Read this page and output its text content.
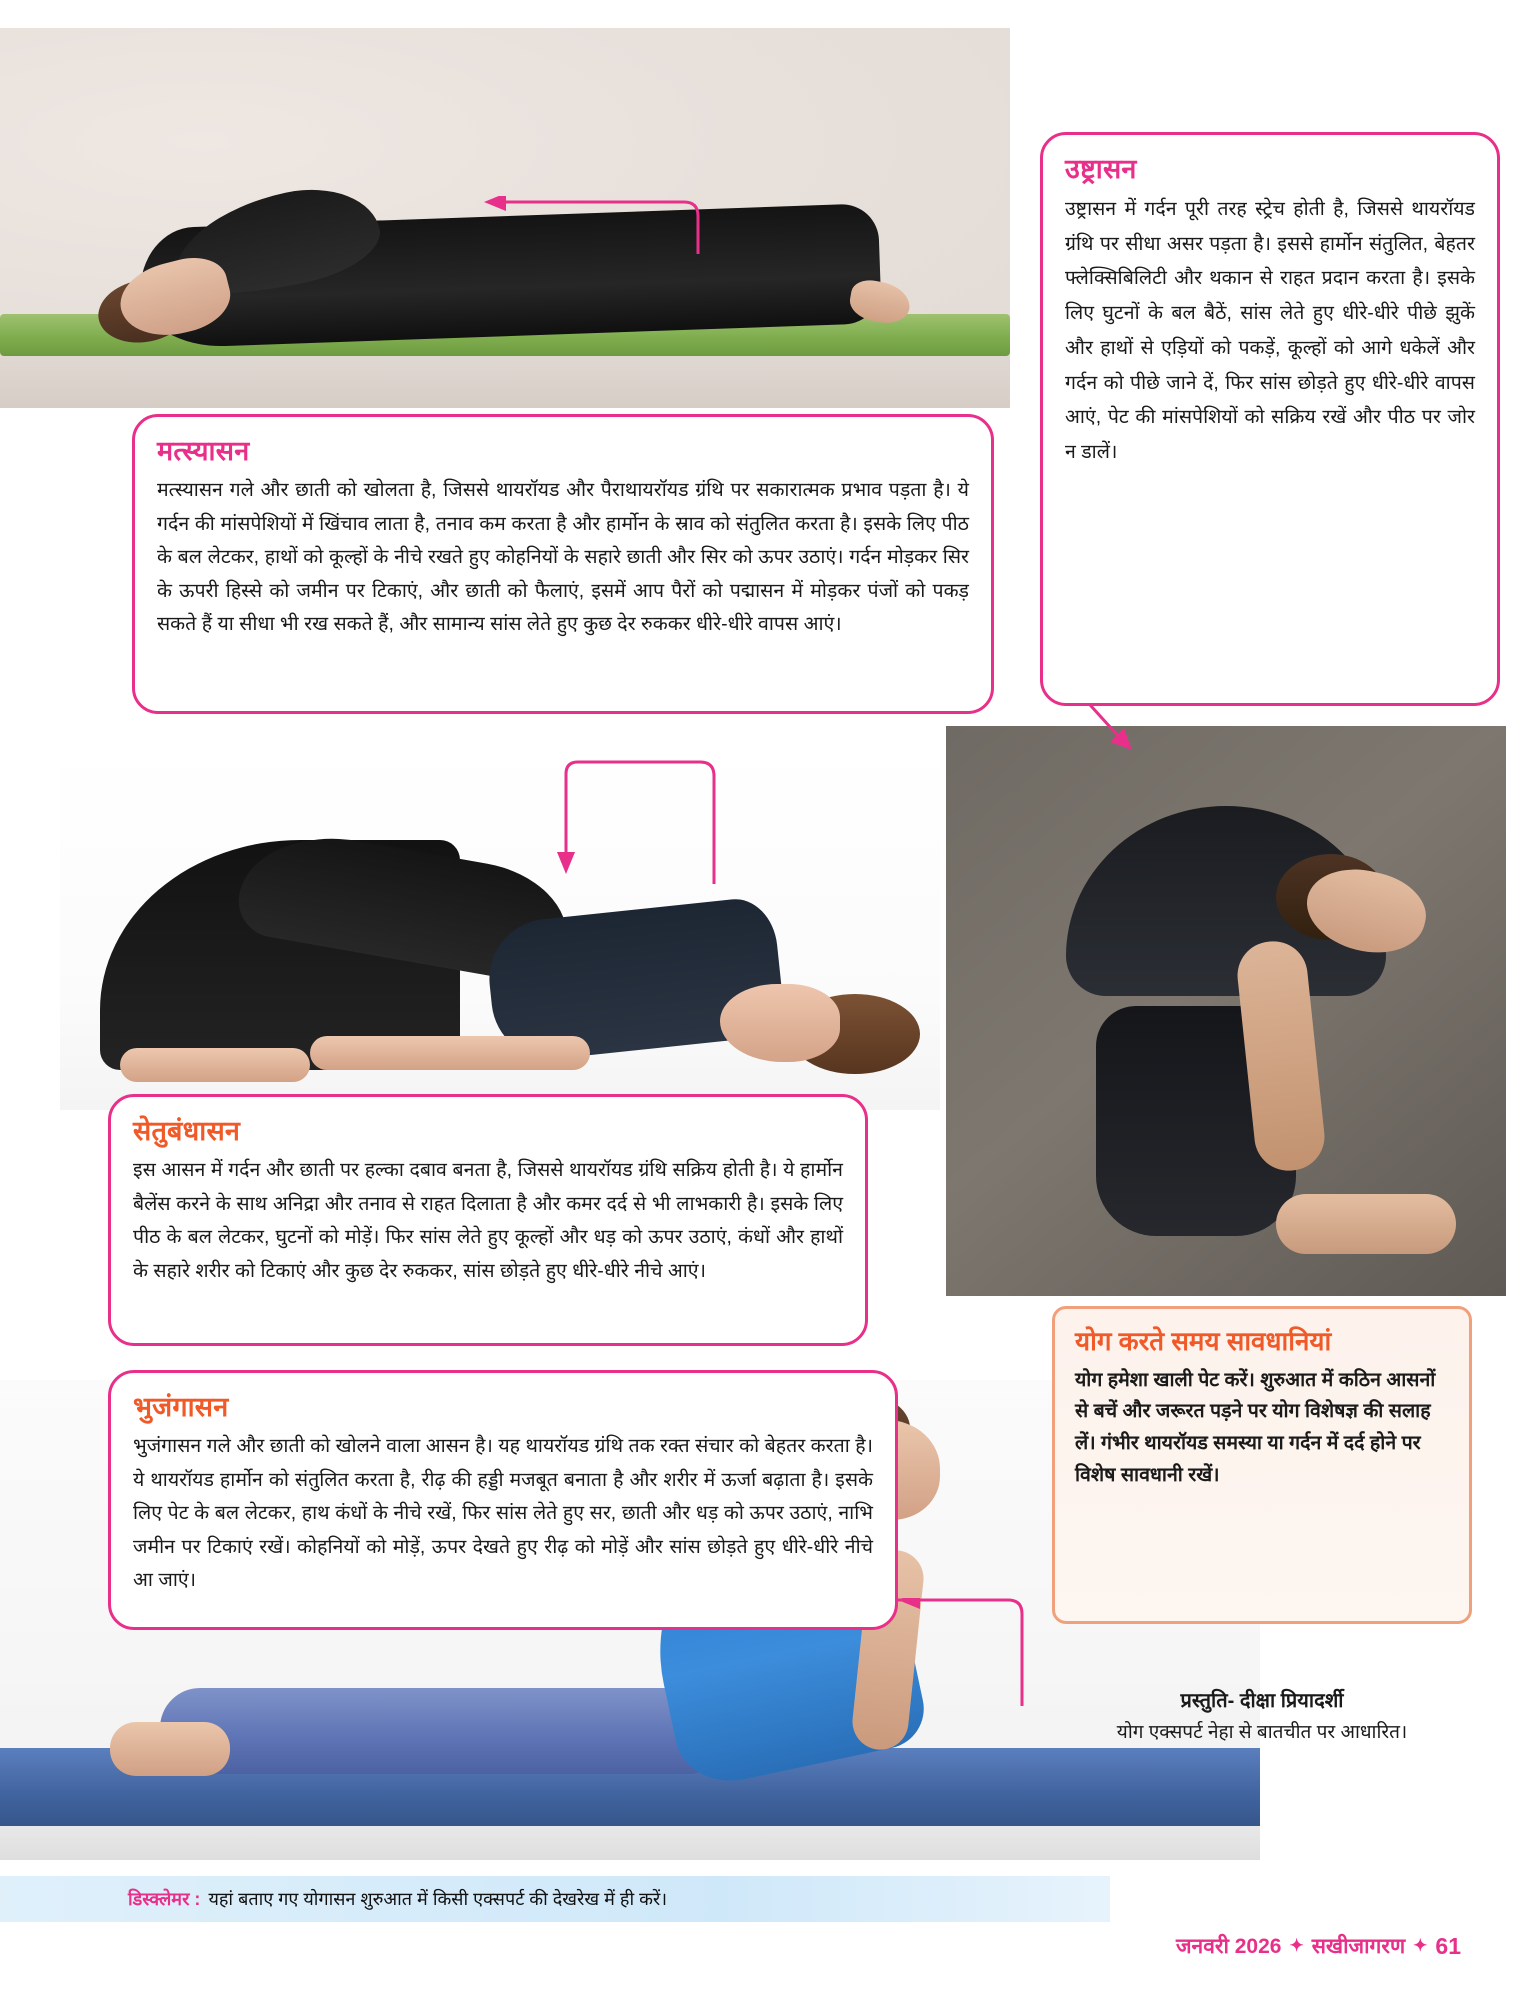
मत्स्यासन

मत्स्यासन गले और छाती को खोलता है, जिससे थायरॉयड और पैराथायरॉयड ग्रंथि पर सकारात्मक प्रभाव पड़ता है। ये गर्दन की मांसपेशियों में खिंचाव लाता है, तनाव कम करता है और हार्मोन के स्राव को संतुलित करता है। इसके लिए पीठ के बल लेटकर, हाथों को कूल्हों के नीचे रखते हुए कोहनियों के सहारे छाती और सिर को ऊपर उठाएं। गर्दन मोड़कर सिर के ऊपरी हिस्से को जमीन पर टिकाएं, और छाती को फैलाएं, इसमें आप पैरों को पद्मासन में मोड़कर पंजों को पकड़ सकते हैं या सीधा भी रख सकते हैं, और सामान्य सांस लेते हुए कुछ देर रुककर धीरे-धीरे वापस आएं।

सेतुबंधासन

इस आसन में गर्दन और छाती पर हल्का दबाव बनता है, जिससे थायरॉयड ग्रंथि सक्रिय होती है। ये हार्मोन बैलेंस करने के साथ अनिद्रा और तनाव से राहत दिलाता है और कमर दर्द से भी लाभकारी है। इसके लिए पीठ के बल लेटकर, घुटनों को मोड़ें। फिर सांस लेते हुए कूल्हों और धड़ को ऊपर उठाएं, कंधों और हाथों के सहारे शरीर को टिकाएं और कुछ देर रुककर, सांस छोड़ते हुए धीरे-धीरे नीचे आएं।

भुजंगासन

भुजंगासन गले और छाती को खोलने वाला आसन है। यह थायरॉयड ग्रंथि तक रक्त संचार को बेहतर करता है। ये थायरॉयड हार्मोन को संतुलित करता है, रीढ़ की हड्डी मजबूत बनाता है और शरीर में ऊर्जा बढ़ाता है। इसके लिए पेट के बल लेटकर, हाथ कंधों के नीचे रखें, फिर सांस लेते हुए सर, छाती और धड़ को ऊपर उठाएं, नाभि जमीन पर टिकाएं रखें। कोहनियों को मोड़ें, ऊपर देखते हुए रीढ़ को मोड़ें और सांस छोड़ते हुए धीरे-धीरे नीचे आ जाएं।

उष्ट्रासन

उष्ट्रासन में गर्दन पूरी तरह स्ट्रेच होती है, जिससे थायरॉयड ग्रंथि पर सीधा असर पड़ता है। इससे हार्मोन संतुलित, बेहतर फ्लेक्सिबिलिटी और थकान से राहत प्रदान करता है। इसके लिए घुटनों के बल बैठें, सांस लेते हुए धीरे-धीरे पीछे झुकें और हाथों से एड़ियों को पकड़ें, कूल्हों को आगे धकेलें और गर्दन को पीछे जाने दें, फिर सांस छोड़ते हुए धीरे-धीरे वापस आएं, पेट की मांसपेशियों को सक्रिय रखें और पीठ पर जोर न डालें।

योग करते समय सावधानियां

योग हमेशा खाली पेट करें। शुरुआत में कठिन आसनों से बचें और जरूरत पड़ने पर योग विशेषज्ञ की सलाह लें। गंभीर थायरॉयड समस्या या गर्दन में दर्द होने पर विशेष सावधानी रखें।

प्रस्तुति- दीक्षा प्रियादर्शी
योग एक्सपर्ट नेहा से बातचीत पर आधारित।
डिस्क्लेमर : यहां बताए गए योगासन शुरुआत में किसी एक्सपर्ट की देखरेख में ही करें।
जनवरी 2026 ✦ सखीजागरण ✦ 61
